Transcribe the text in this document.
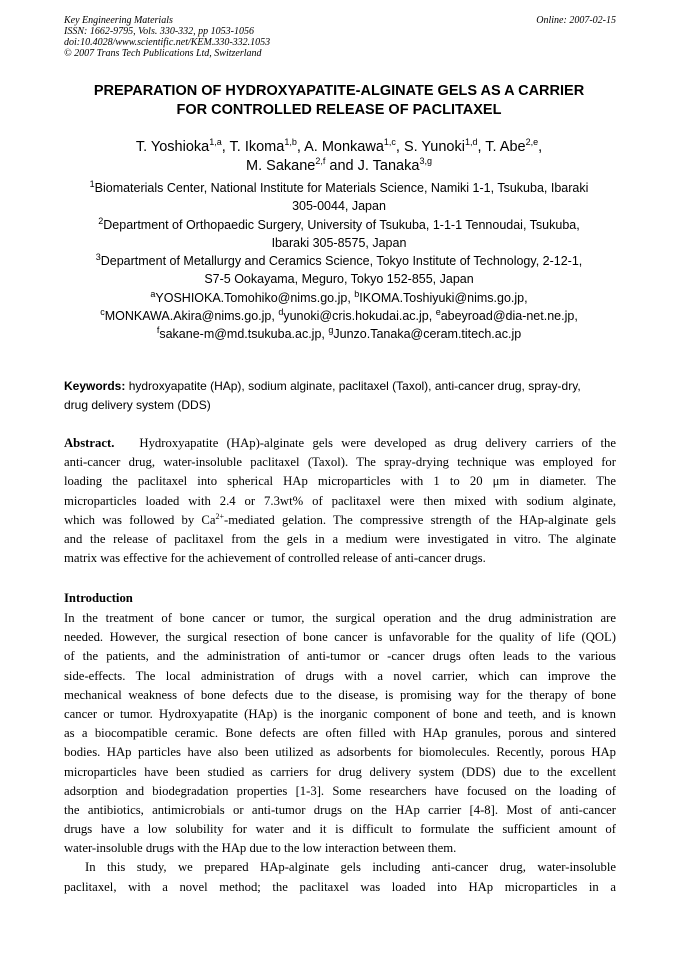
Key Engineering Materials
ISSN: 1662-9795, Vols. 330-332, pp 1053-1056
doi:10.4028/www.scientific.net/KEM.330-332.1053
© 2007 Trans Tech Publications Ltd, Switzerland
Online: 2007-02-15
PREPARATION OF HYDROXYAPATITE-ALGINATE GELS AS A CARRIER
FOR CONTROLLED RELEASE OF PACLITAXEL
T. Yoshioka$^{1,a}$, T. Ikoma$^{1,b}$, A. Monkawa$^{1,c}$, S. Yunoki$^{1,d}$, T. Abe$^{2,e}$,
M. Sakane$^{2,f}$ and J. Tanaka$^{3,g}$
$^1$Biomaterials Center, National Institute for Materials Science, Namiki 1-1, Tsukuba, Ibaraki
305-0044, Japan
$^2$Department of Orthopaedic Surgery, University of Tsukuba, 1-1-1 Tennoudai, Tsukuba,
Ibaraki 305-8575, Japan
$^3$Department of Metallurgy and Ceramics Science, Tokyo Institute of Technology, 2-12-1,
S7-5 Ookayama, Meguro, Tokyo 152-855, Japan
$^a$YOSHIOKA.Tomohiko@nims.go.jp, $^b$IKOMA.Toshiyuki@nims.go.jp,
$^c$MONKAWA.Akira@nims.go.jp, $^d$yunoki@cris.hokudai.ac.jp, $^e$abeyroad@dia-net.ne.jp,
$^f$sakane-m@md.tsukuba.ac.jp, $^g$Junzo.Tanaka@ceram.titech.ac.jp
Keywords: hydroxyapatite (HAp), sodium alginate, paclitaxel (Taxol), anti-cancer drug, spray-dry,
drug delivery system (DDS)
Abstract. Hydroxyapatite (HAp)-alginate gels were developed as drug delivery carriers of the
anti-cancer drug, water-insoluble paclitaxel (Taxol). The spray-drying technique was employed for
loading the paclitaxel into spherical HAp microparticles with 1 to 20 μm in diameter. The
microparticles loaded with 2.4 or 7.3wt% of paclitaxel were then mixed with sodium alginate,
which was followed by $Ca^{2+}$-mediated gelation. The compressive strength of the HAp-alginate gels
and the release of paclitaxel from the gels in a medium were investigated in vitro. The alginate
matrix was effective for the achievement of controlled release of anti-cancer drugs.
Introduction
In the treatment of bone cancer or tumor, the surgical operation and the drug administration are
needed. However, the surgical resection of bone cancer is unfavorable for the quality of life (QOL)
of the patients, and the administration of anti-tumor or -cancer drugs often leads to the various
side-effects. The local administration of drugs with a novel carrier, which can improve the
mechanical weakness of bone defects due to the disease, is promising way for the therapy of bone
cancer or tumor. Hydroxyapatite (HAp) is the inorganic component of bone and teeth, and is known
as a biocompatible ceramic. Bone defects are often filled with HAp granules, porous and sintered
bodies. HAp particles have also been utilized as adsorbents for biomolecules. Recently, porous HAp
microparticles have been studied as carriers for drug delivery system (DDS) due to the excellent
adsorption and biodegradation properties [1-3]. Some researchers have focused on the loading of
the antibiotics, antimicrobials or anti-tumor drugs on the HAp carrier [4-8]. Most of anti-cancer
drugs have a low solubility for water and it is difficult to formulate the sufficient amount of
water-insoluble drugs with the HAp due to the low interaction between them.
In this study, we prepared HAp-alginate gels including anti-cancer drug, water-insoluble
paclitaxel, with a novel method; the paclitaxel was loaded into HAp microparticles in a
